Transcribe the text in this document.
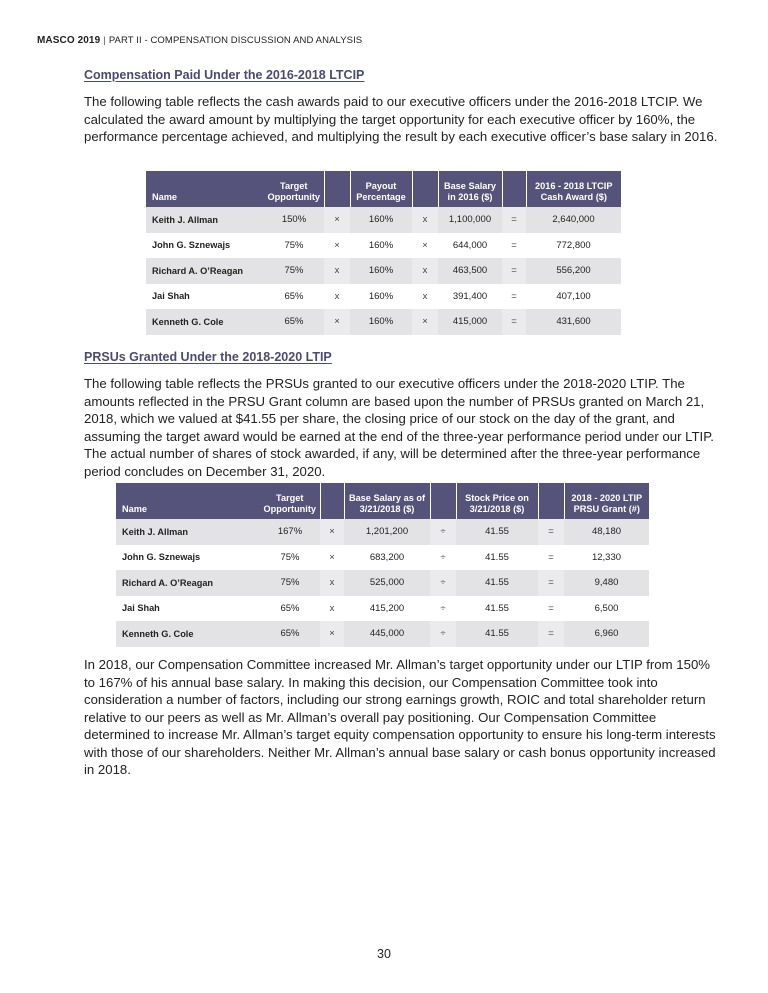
MASCO 2019 | PART II - COMPENSATION DISCUSSION AND ANALYSIS
Compensation Paid Under the 2016-2018 LTCIP
The following table reflects the cash awards paid to our executive officers under the 2016-2018 LTCIP. We calculated the award amount by multiplying the target opportunity for each executive officer by 160%, the performance percentage achieved, and multiplying the result by each executive officer’s base salary in 2016.
Name	Target Opportunity		Payout Percentage		Base Salary in 2016 ($)		2016 - 2018 LTCIP Cash Award ($)
Keith J. Allman	150%	×	160%	x	1,100,000	=	2,640,000
John G. Sznewajs	75%	×	160%	×	644,000	=	772,800
Richard A. O’Reagan	75%	x	160%	x	463,500	=	556,200
Jai Shah	65%	x	160%	x	391,400	=	407,100
Kenneth G. Cole	65%	×	160%	×	415,000	=	431,600
PRSUs Granted Under the 2018-2020 LTIP
The following table reflects the PRSUs granted to our executive officers under the 2018-2020 LTIP. The amounts reflected in the PRSU Grant column are based upon the number of PRSUs granted on March 21, 2018, which we valued at $41.55 per share, the closing price of our stock on the day of the grant, and assuming the target award would be earned at the end of the three-year performance period under our LTIP. The actual number of shares of stock awarded, if any, will be determined after the three-year performance period concludes on December 31, 2020.
Name	Target Opportunity		Base Salary as of 3/21/2018 ($)		Stock Price on 3/21/2018 ($)		2018 - 2020 LTIP PRSU Grant (#)
Keith J. Allman	167%	×	1,201,200	÷	41.55	=	48,180
John G. Sznewajs	75%	×	683,200	÷	41.55	=	12,330
Richard A. O’Reagan	75%	x	525,000	÷	41.55	=	9,480
Jai Shah	65%	x	415,200	÷	41.55	=	6,500
Kenneth G. Cole	65%	×	445,000	÷	41.55	=	6,960
In 2018, our Compensation Committee increased Mr. Allman’s target opportunity under our LTIP from 150% to 167% of his annual base salary. In making this decision, our Compensation Committee took into consideration a number of factors, including our strong earnings growth, ROIC and total shareholder return relative to our peers as well as Mr. Allman’s overall pay positioning. Our Compensation Committee determined to increase Mr. Allman’s target equity compensation opportunity to ensure his long-term interests with those of our shareholders. Neither Mr. Allman’s annual base salary or cash bonus opportunity increased in 2018.
30
